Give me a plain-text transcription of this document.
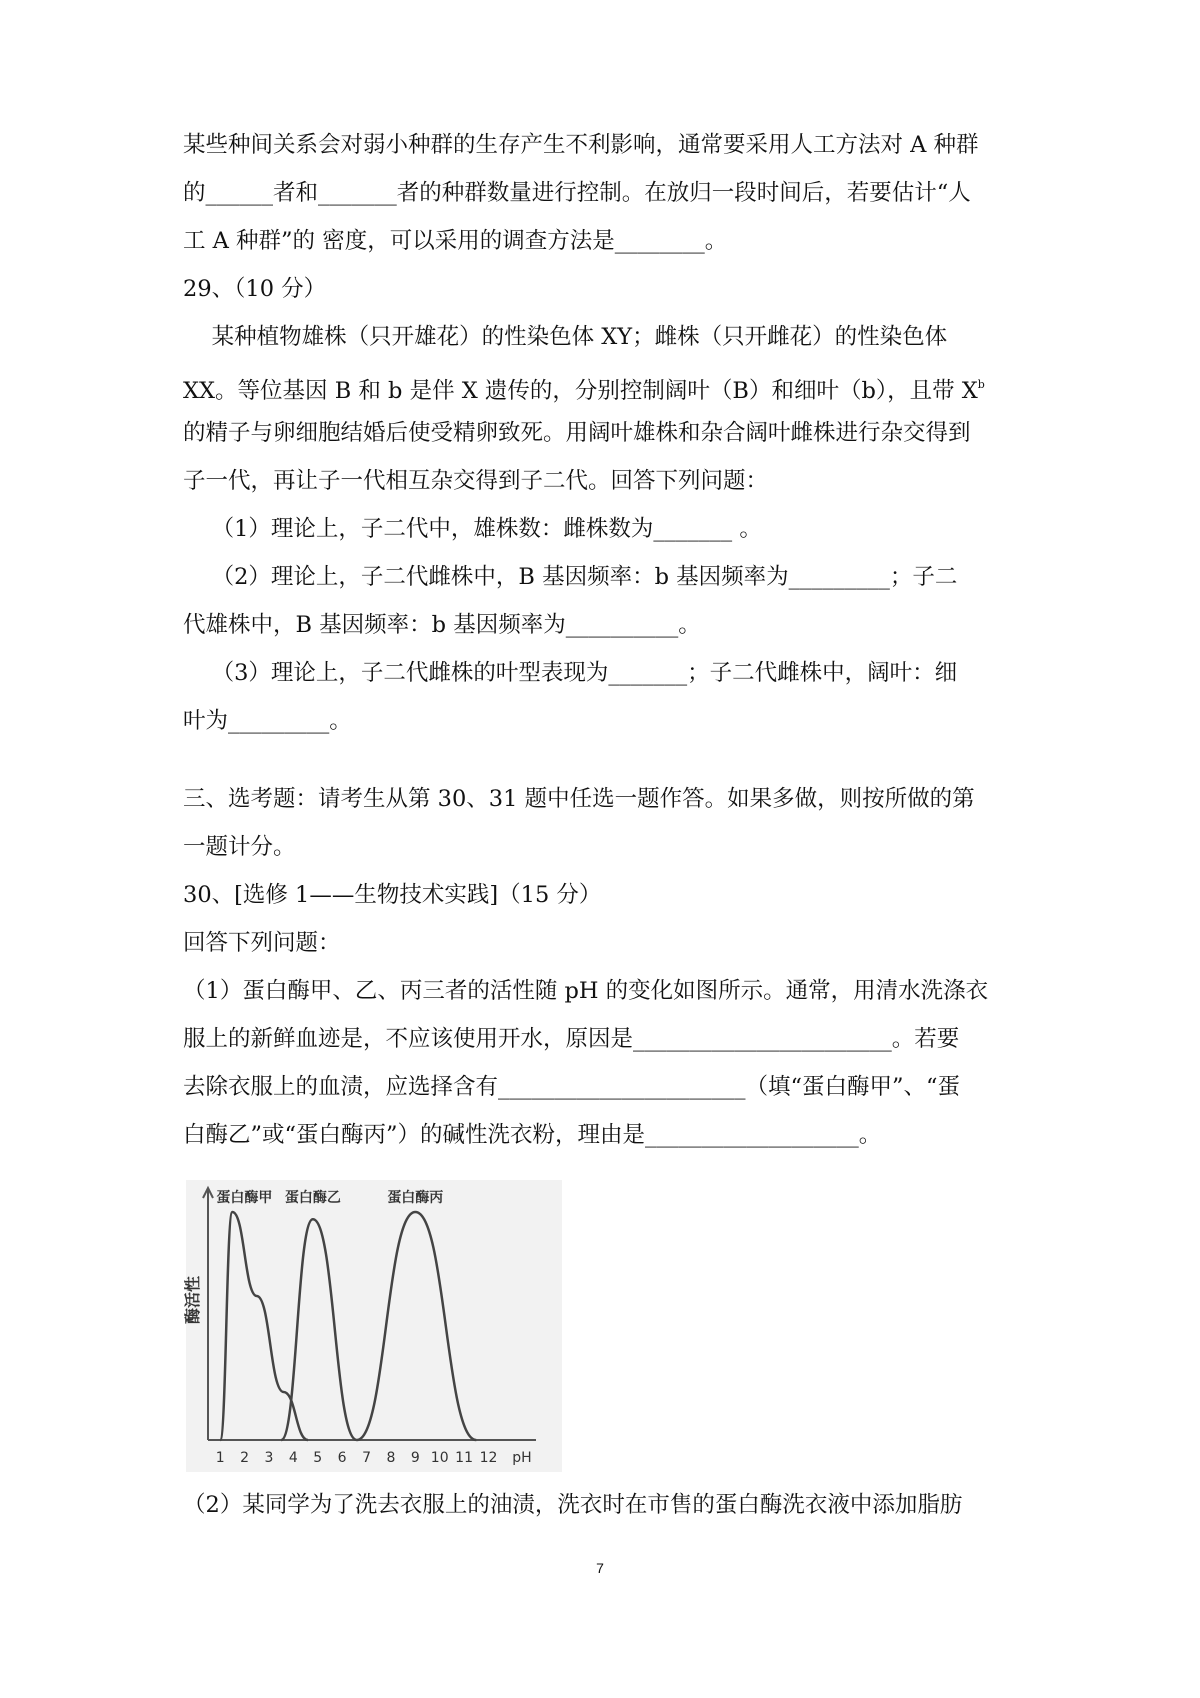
某些种间关系会对弱小种群的生存产生不利影响，通常要采用人工方法对 A 种群
的______者和_______者的种群数量进行控制。在放归一段时间后，若要估计“人
工 A 种群”的 密度，可以采用的调查方法是________。
29、（10 分）
某种植物雄株（只开雄花）的性染色体 XY；雌株（只开雌花）的性染色体
XX。等位基因 B 和 b 是伴 X 遗传的，分别控制阔叶（B）和细叶（b），且带 $X^b$
的精子与卵细胞结婚后使受精卵致死。用阔叶雄株和杂合阔叶雌株进行杂交得到
子一代，再让子一代相互杂交得到子二代。回答下列问题：
（1）理论上，子二代中，雄株数：雌株数为_______ 。
（2）理论上，子二代雌株中，B 基因频率：b 基因频率为_________；子二
代雄株中，B 基因频率：b 基因频率为__________。
（3）理论上，子二代雌株的叶型表现为_______；子二代雌株中，阔叶：细
叶为_________。
三、选考题：请考生从第 30、31 题中任选一题作答。如果多做，则按所做的第
一题计分。
30、[选修 1——生物技术实践]（15 分）
回答下列问题：
（1）蛋白酶甲、乙、丙三者的活性随 pH 的变化如图所示。通常，用清水洗涤衣
服上的新鲜血迹是，不应该使用开水，原因是_______________________。若要
去除衣服上的血渍，应选择含有______________________（填“蛋白酶甲”、“蛋
白酶乙”或“蛋白酶丙”）的碱性洗衣粉，理由是___________________。
（2）某同学为了洗去衣服上的油渍，洗衣时在市售的蛋白酶洗衣液中添加脂肪
1 2 3 4 5 6 7 8 9 10 11 12 pH
酶活性
蛋白酶甲 蛋白酶乙	蛋白酶丙
7
